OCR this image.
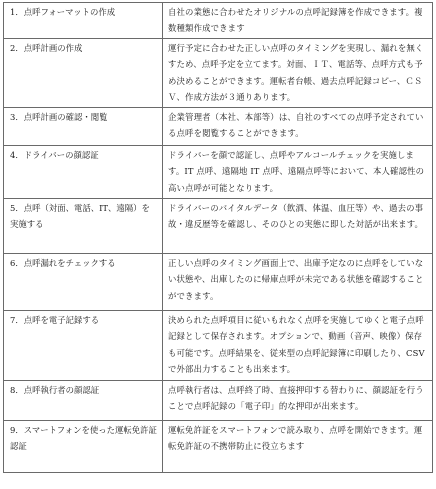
1．点呼フォーマットの作成	自社の業態に合わせたオリジナルの点呼記録簿を作成できます。複数種類作成できます
2．点呼計画の作成	運行予定に合わせた正しい点呼のタイミングを実現し、漏れを無くすため、点呼予定を立てます。対面、ＩＴ、電話等、点呼方式も予め決めることができます。運転者台帳、過去点呼記録コピー、ＣＳＶ、作成方法が３通りあります。
3．点呼計画の確認・閲覧	企業管理者（本社、本部等）は、自社のすべての点呼予定されている点呼を閲覧することができます。
4．ドライバーの顔認証	ドライバーを顔で認証し、点呼やアルコールチェックを実施します。IT 点呼、遠隔地 IT 点呼、遠隔点呼等において、本人確認性の高い点呼が可能となります。
5．点呼（対面、電話、IT、遠隔）を実施する	ドライバーのバイタルデータ（飲酒、体温、血圧等）や、過去の事故・違反歴等を確認し、そのひとの実態に即した対話が出来ます。
6．点呼漏れをチェックする	正しい点呼のタイミング画面上で、出庫予定なのに点呼をしていない状態や、出庫したのに帰庫点呼が未完である状態を確認することができます。
7．点呼を電子記録する	決められた点呼項目に従いもれなく点呼を実施してゆくと電子点呼記録として保存されます。オプションで、動画（音声、映像）保存も可能です。点呼結果を、従来型の点呼記録簿に印刷したり、CSV で外部出力することも出来ます。
8．点呼執行者の顔認証	点呼執行者は、点呼終了時、直接押印する替わりに、顔認証を行うことで点呼記録の「電子印」的な押印が出来ます。
9．スマートフォンを使った運転免許証認証	運転免許証をスマートフォンで読み取り、点呼を開始できます。運転免許証の不携帯防止に役立ちます
